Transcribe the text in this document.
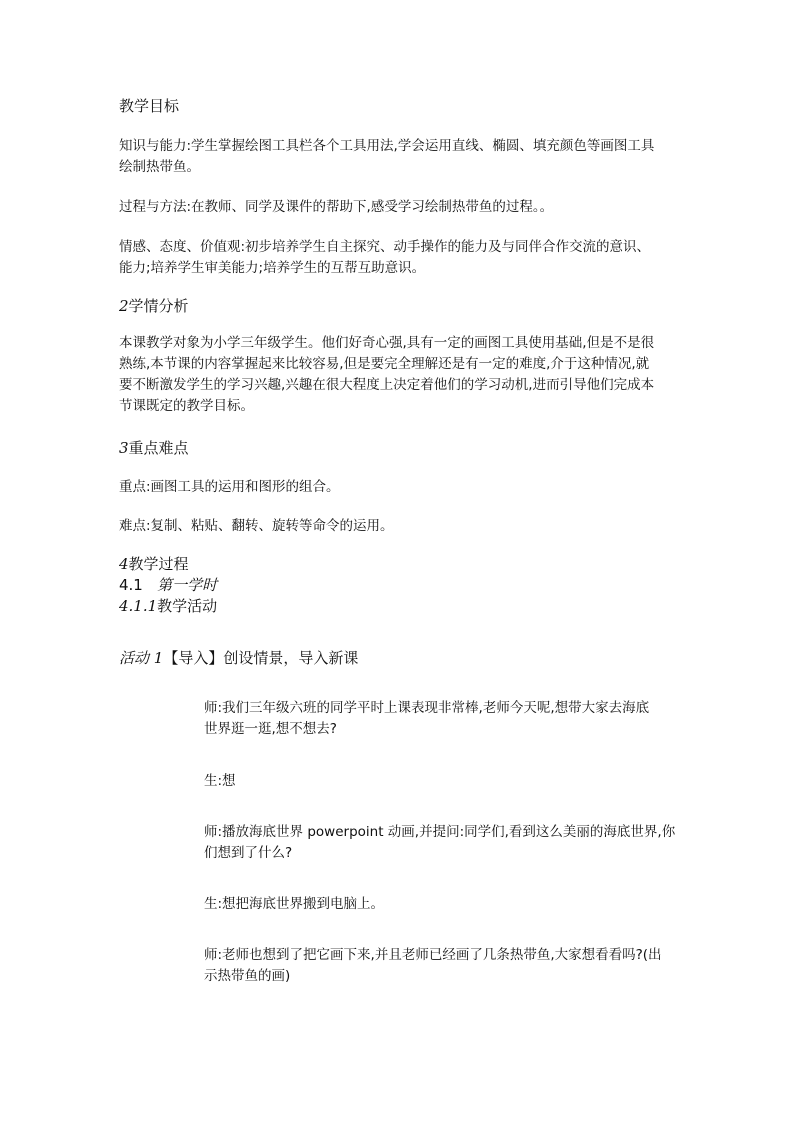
教学目标
知识与能力:学生掌握绘图工具栏各个工具用法,学会运用直线、椭圆、填充颜色等画图工具
绘制热带鱼。
过程与方法:在教师、同学及课件的帮助下,感受学习绘制热带鱼的过程。。
情感、态度、价值观:初步培养学生自主探究、动手操作的能力及与同伴合作交流的意识、
能力;培养学生审美能力;培养学生的互帮互助意识。
2学情分析
本课教学对象为小学三年级学生。他们好奇心强,具有一定的画图工具使用基础,但是不是很
熟练,本节课的内容掌握起来比较容易,但是要完全理解还是有一定的难度,介于这种情况,就
要不断激发学生的学习兴趣,兴趣在很大程度上决定着他们的学习动机,进而引导他们完成本
节课既定的教学目标。
3重点难点
重点:画图工具的运用和图形的组合。
难点:复制、粘贴、翻转、旋转等命令的运用。
4教学过程
4.1 第一学时
4.1.1教学活动
活动 1【导入】创设情景，导入新课
师:我们三年级六班的同学平时上课表现非常棒,老师今天呢,想带大家去海底
世界逛一逛,想不想去?
生:想
师:播放海底世界 powerpoint 动画,并提问:同学们,看到这么美丽的海底世界,你
们想到了什么?
生:想把海底世界搬到电脑上。
师:老师也想到了把它画下来,并且老师已经画了几条热带鱼,大家想看看吗?(出
示热带鱼的画)
